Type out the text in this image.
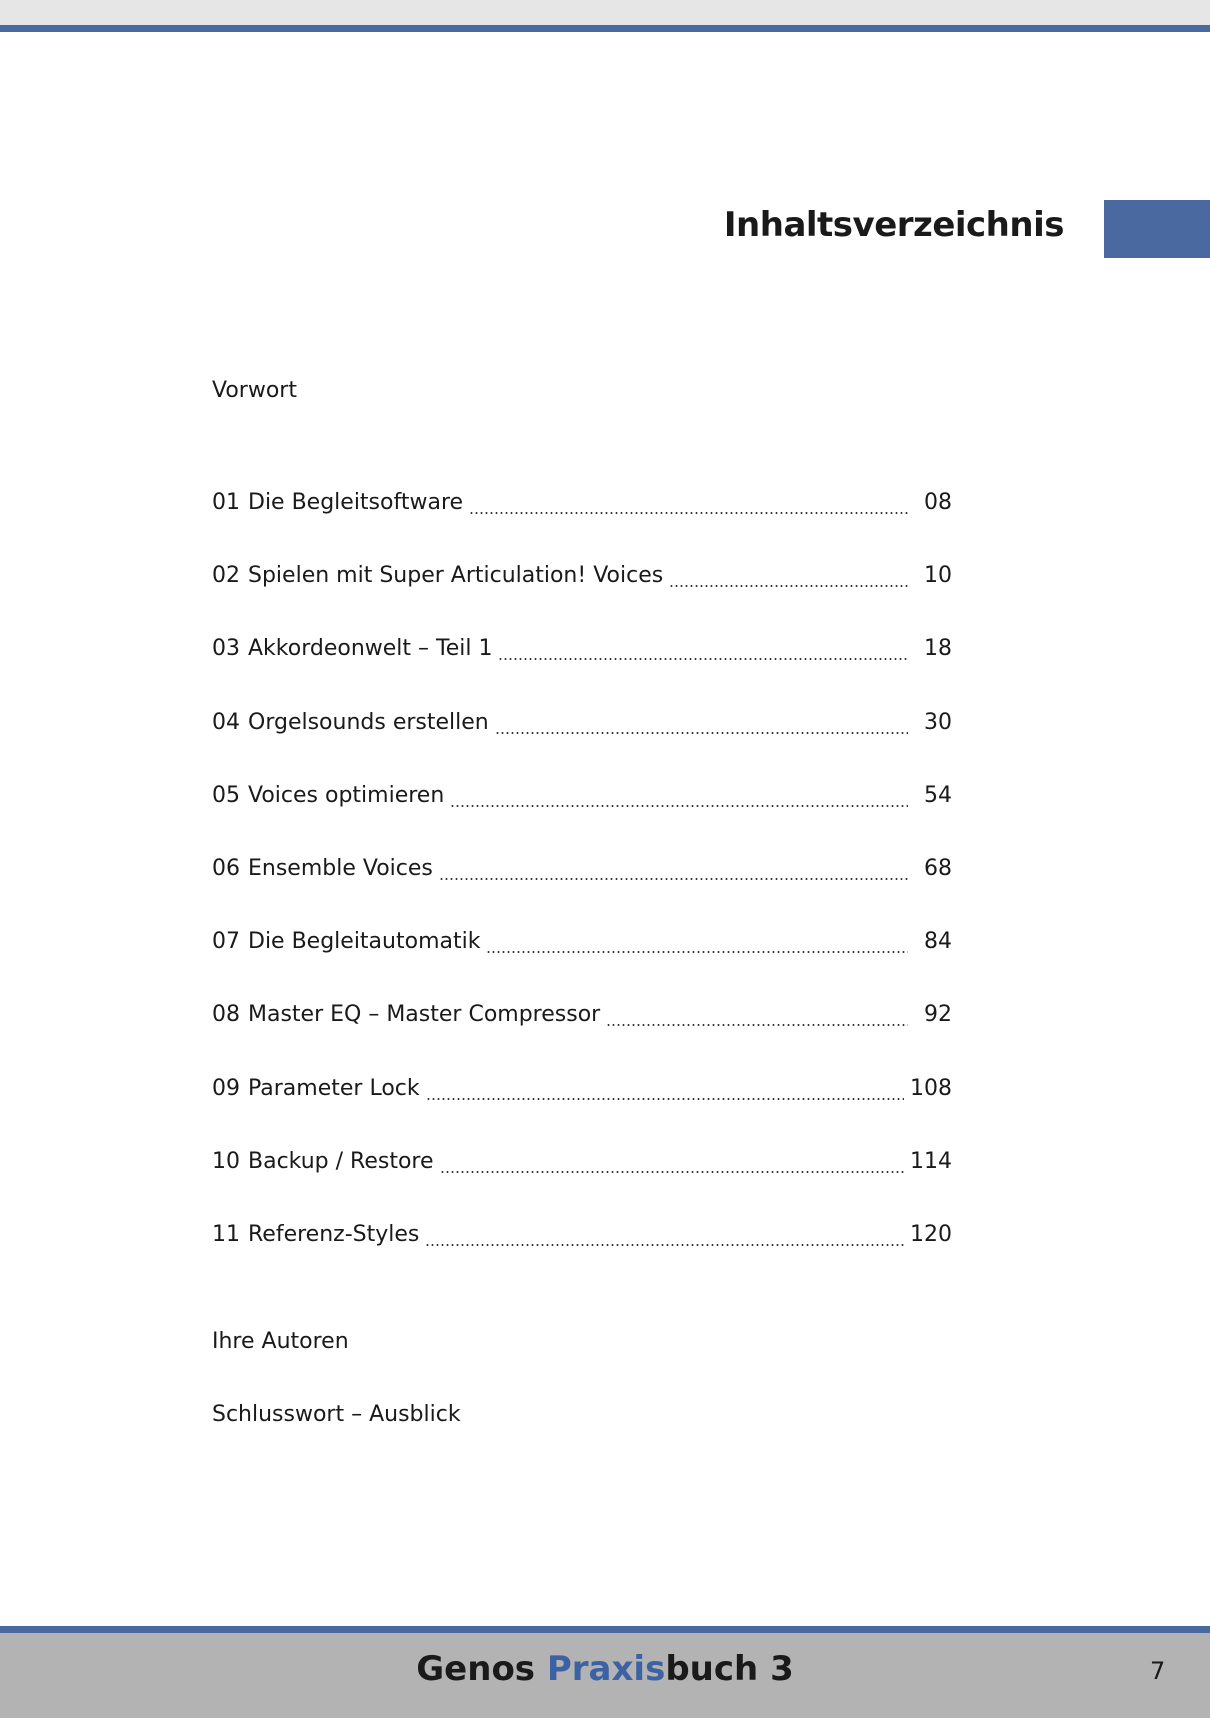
Inhaltsverzeichnis
Vorwort
01 Die Begleitsoftware	08
02 Spielen mit Super Articulation! Voices	10
03 Akkordeonwelt – Teil 1	18
04 Orgelsounds erstellen	30
05 Voices optimieren	54
06 Ensemble Voices	68
07 Die Begleitautomatik	84
08 Master EQ – Master Compressor	92
09 Parameter Lock	108
10 Backup / Restore	114
11 Referenz-Styles	120
Ihre Autoren
Schlusswort – Ausblick
Genos Praxisbuch 3	7
